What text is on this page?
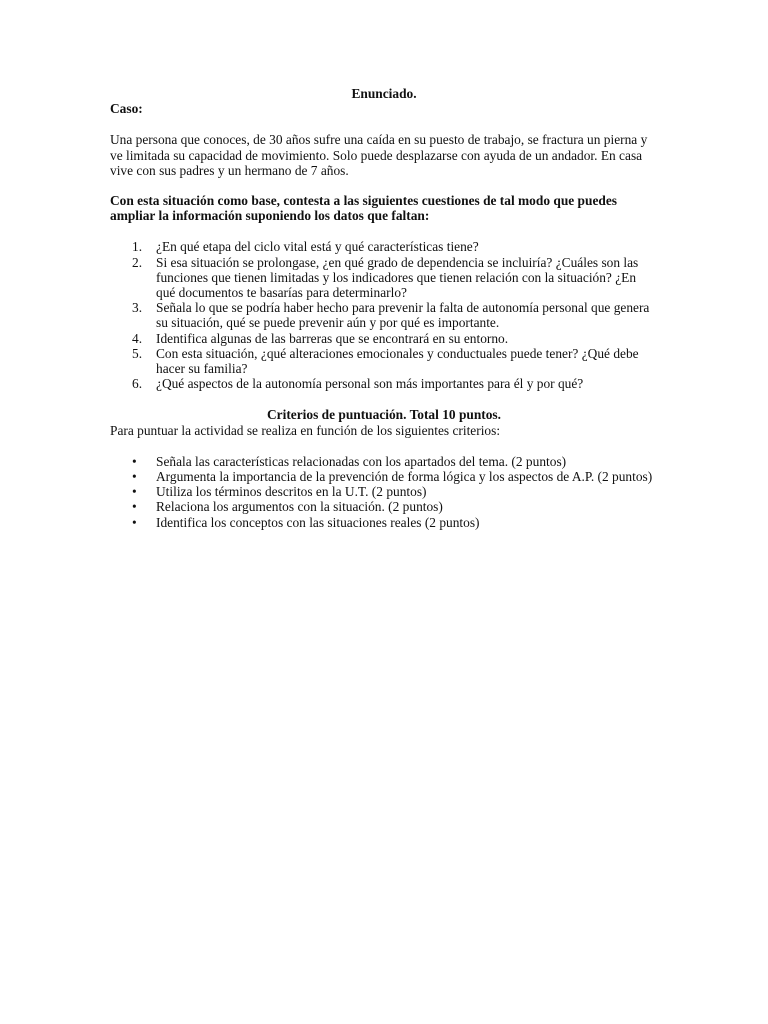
Enunciado.

Caso:

Una persona que conoces, de 30 años sufre una caída en su puesto de trabajo, se fractura un pierna y ve limitada su capacidad de movimiento. Solo puede desplazarse con ayuda de un andador. En casa vive con sus padres y un hermano de 7 años.

Con esta situación como base, contesta a las siguientes cuestiones de tal modo que puedes ampliar la información suponiendo los datos que faltan:

1. ¿En qué etapa del ciclo vital está y qué características tiene?
2. Si esa situación se prolongase, ¿en qué grado de dependencia se incluiría? ¿Cuáles son las funciones que tienen limitadas y los indicadores que tienen relación con la situación? ¿En qué documentos te basarías para determinarlo?
3. Señala lo que se podría haber hecho para prevenir la falta de autonomía personal que genera su situación, qué se puede prevenir aún y por qué es importante.
4. Identifica algunas de las barreras que se encontrará en su entorno.
5. Con esta situación, ¿qué alteraciones emocionales y conductuales puede tener? ¿Qué debe hacer su familia?
6. ¿Qué aspectos de la autonomía personal son más importantes para él y por qué?

Criterios de puntuación. Total 10 puntos.

Para puntuar la actividad se realiza en función de los siguientes criterios:

• Señala las características relacionadas con los apartados del tema. (2 puntos)
• Argumenta la importancia de la prevención de forma lógica y los aspectos de A.P. (2 puntos)
• Utiliza los términos descritos en la U.T. (2 puntos)
• Relaciona los argumentos con la situación. (2 puntos)
• Identifica los conceptos con las situaciones reales (2 puntos)
